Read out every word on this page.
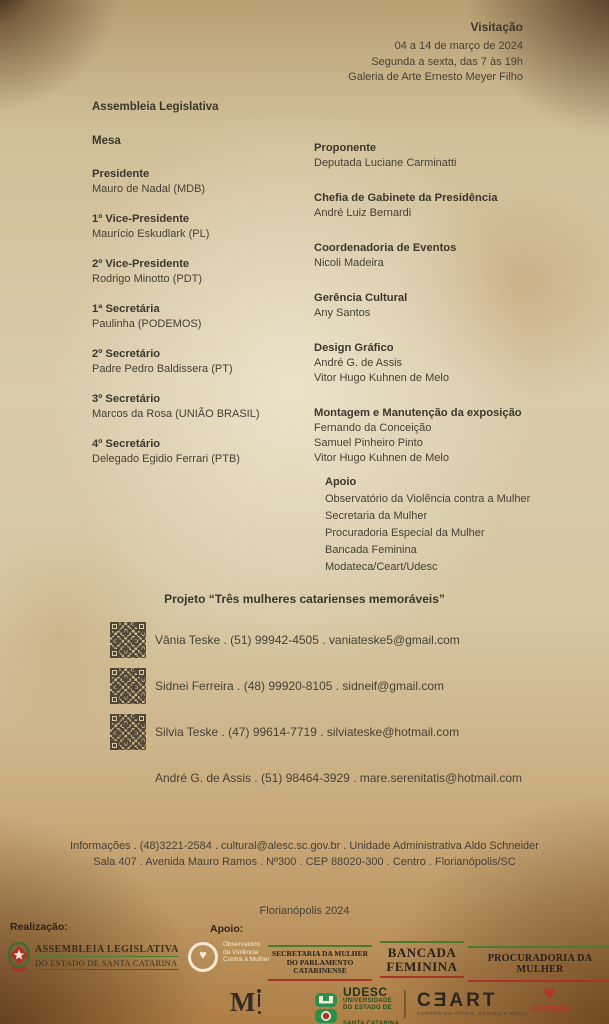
Visitação
04 a 14 de março de 2024
Segunda a sexta, das 7 às 19h
Galeria de Arte Ernesto Meyer Filho
Assembleia Legislativa
Mesa
Presidente
Mauro de Nadal (MDB)
1º Vice-Presidente
Maurício Eskudlark (PL)
2º Vice-Presidente
Rodrigo Minotto (PDT)
1ª Secretária
Paulinha (PODEMOS)
2º Secretário
Padre Pedro Baldissera (PT)
3º Secretário
Marcos da Rosa (UNIÃO BRASIL)
4º Secretário
Delegado Egidio Ferrari (PTB)
Proponente
Deputada Luciane Carminatti
Chefia de Gabinete da Presidência
André Luiz Bernardi
Coordenadoria de Eventos
Nicoli Madeira
Gerência Cultural
Any Santos
Design Gráfico
André G. de Assis
Vitor Hugo Kuhnen de Melo
Montagem e Manutenção da exposição
Fernando da Conceição
Samuel Pinheiro Pinto
Vitor Hugo Kuhnen de Melo
Apoio
Observatório da Violência contra a Mulher
Secretaria da Mulher
Procuradoria Especial da Mulher
Bancada Feminina
Modateca/Ceart/Udesc
Projeto “Três mulheres catarienses memoráveis”
Vânia Teske . (51) 99942-4505 . vaniateske5@gmail.com
Sidnei Ferreira . (48) 99920-8105 . sidneif@gmail.com
Silvia Teske . (47) 99614-7719 . silviateske@hotmail.com
André G. de Assis . (51) 98464-3929 . mare.serenitatis@hotmail.com
Informações . (48)3221-2584 . cultural@alesc.sc.gov.br . Unidade Administrativa Aldo Schneider
Sala 407 . Avenida Mauro Ramos . Nº300 . CEP 88020-300 . Centro . Florianópolis/SC
Florianópolis 2024
Realização:	Apoio:
ASSEMBLEIA LEGISLATIVA
DO ESTADO DE SANTA CATARINA
♥
Observatório
da Violência
Contra a Mulher
SANTA CATARINA
SECRETARIA DA MULHER
DO PARLAMENTO
CATARINENSE
BANCADA
FEMININA	PROCURADORIA DA MULHER
M	UDESC
UNIVERSIDADE
DO ESTADO DE
SANTA CATARINA
CƎART
CENTRO DE ARTES, DESIGN E MODA
♥
Contante
